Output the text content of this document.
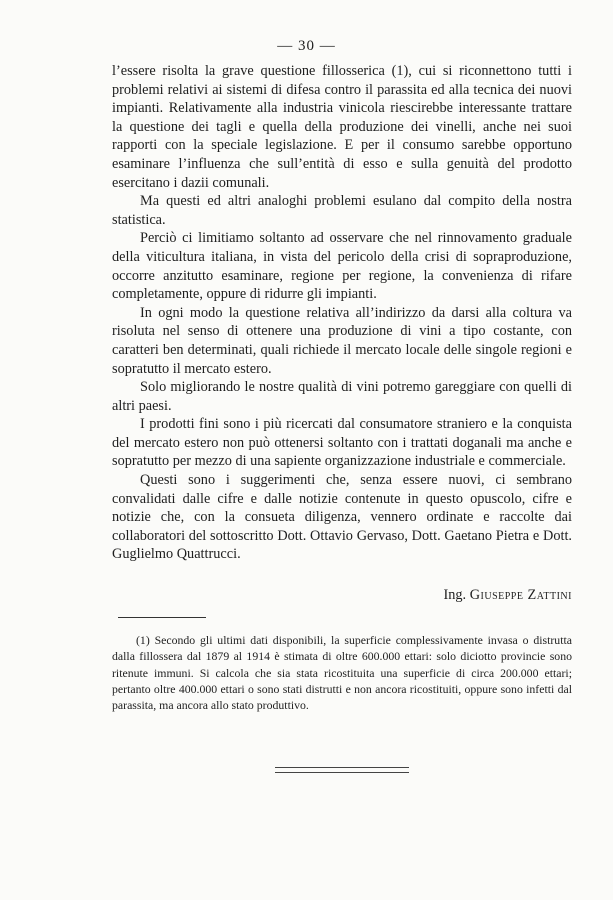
— 30 —

l’essere risolta la grave questione fillosserica (1), cui si riconnettono tutti i problemi relativi ai sistemi di difesa contro il parassita ed alla tecnica dei nuovi impianti. Relativamente alla industria vinicola riescirebbe interessante trattare la questione dei tagli e quella della produzione dei vinelli, anche nei suoi rapporti con la speciale legislazione. E per il consumo sarebbe opportuno esaminare l’influenza che sull’entità di esso e sulla genuità del prodotto esercitano i dazii comunali.

Ma questi ed altri analoghi problemi esulano dal compito della nostra statistica.

Perciò ci limitiamo soltanto ad osservare che nel rinnovamento graduale della viticultura italiana, in vista del pericolo della crisi di sopraproduzione, occorre anzitutto esaminare, regione per regione, la convenienza di rifare completamente, oppure di ridurre gli impianti.

In ogni modo la questione relativa all’indirizzo da darsi alla coltura va risoluta nel senso di ottenere una produzione di vini a tipo costante, con caratteri ben determinati, quali richiede il mercato locale delle singole regioni e sopratutto il mercato estero.

Solo migliorando le nostre qualità di vini potremo gareggiare con quelli di altri paesi.

I prodotti fini sono i più ricercati dal consumatore straniero e la conquista del mercato estero non può ottenersi soltanto con i trattati doganali ma anche e sopratutto per mezzo di una sapiente organizzazione industriale e commerciale.

Questi sono i suggerimenti che, senza essere nuovi, ci sembrano convalidati dalle cifre e dalle notizie contenute in questo opuscolo, cifre e notizie che, con la consueta diligenza, vennero ordinate e raccolte dai collaboratori del sottoscritto Dott. Ottavio Gervaso, Dott. Gaetano Pietra e Dott. Guglielmo Quattrucci.

Ing. Giuseppe Zattini

(1) Secondo gli ultimi dati disponibili, la superficie complessivamente invasa o distrutta dalla fillossera dal 1879 al 1914 è stimata di oltre 600.000 ettari: solo diciotto provincie sono ritenute immuni. Si calcola che sia stata ricostituita una superficie di circa 200.000 ettari; pertanto oltre 400.000 ettari o sono stati distrutti e non ancora ricostituiti, oppure sono infetti dal parassita, ma ancora allo stato produttivo.
